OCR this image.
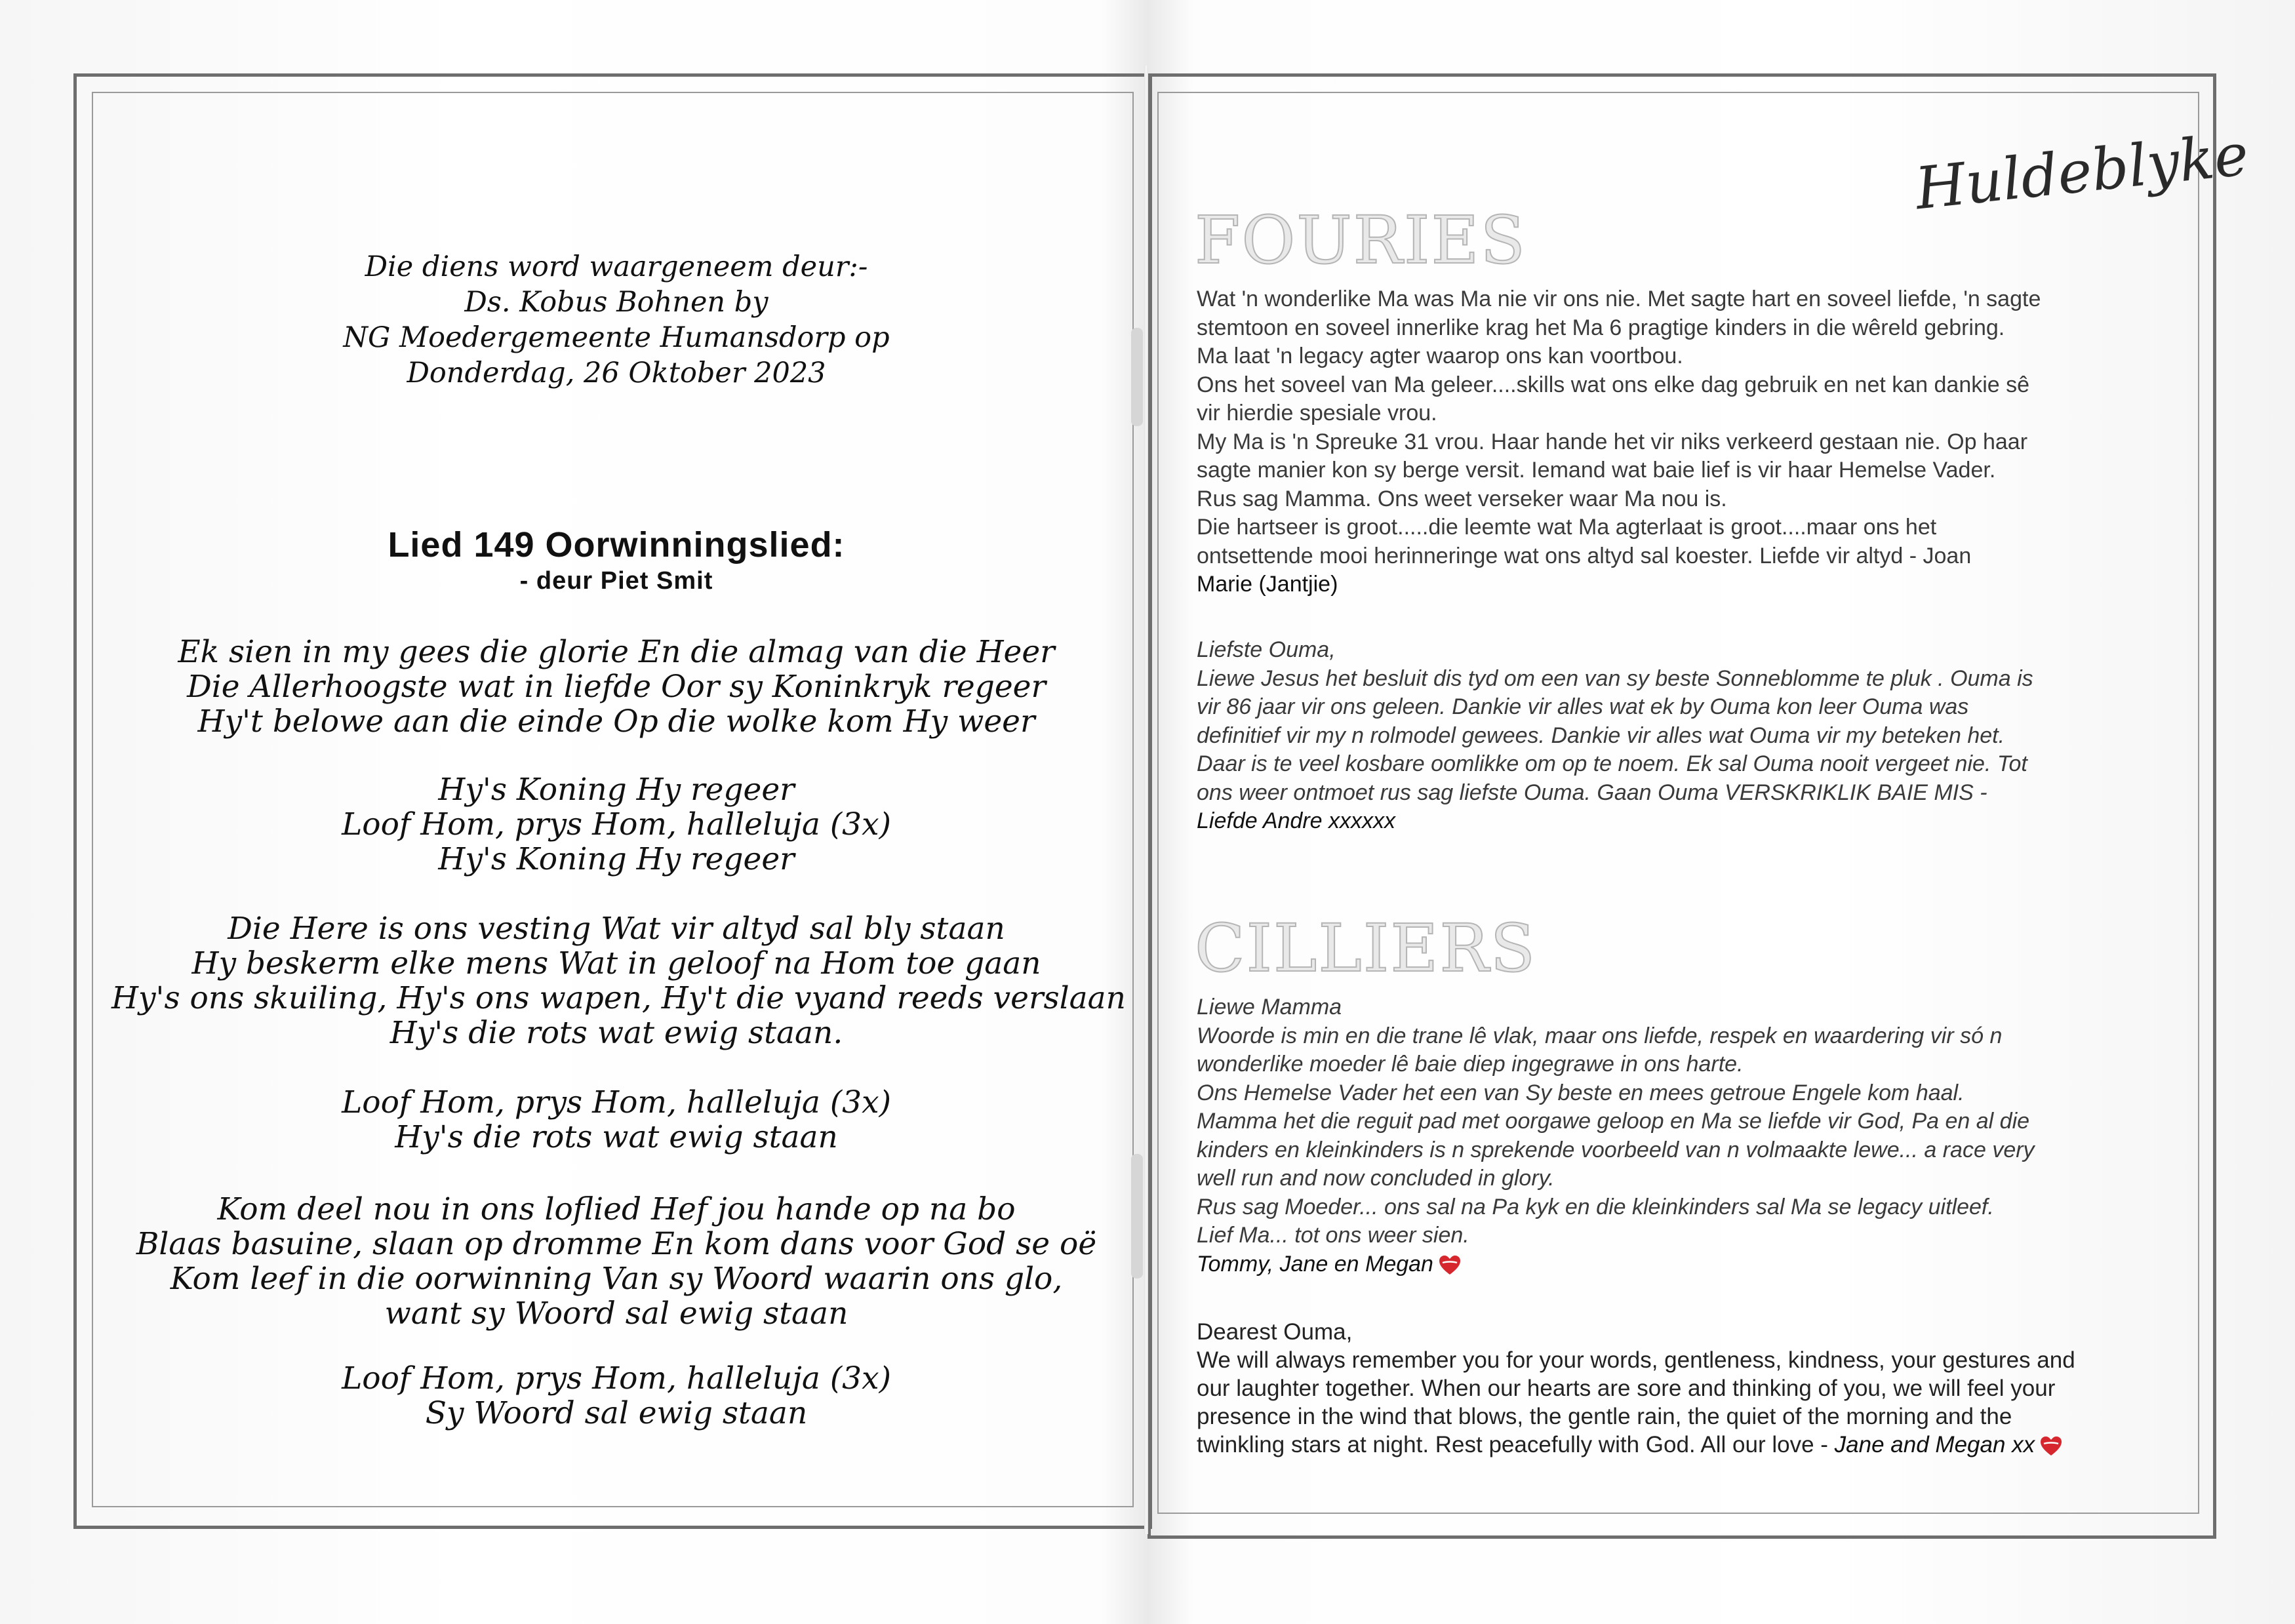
Die diens word waargeneem deur:-
Ds. Kobus Bohnen by
NG Moedergemeente Humansdorp op
Donderdag, 26 Oktober 2023
Lied 149 Oorwinningslied:
- deur Piet Smit
Ek sien in my gees die glorie En die almag van die Heer
Die Allerhoogste wat in liefde Oor sy Koninkryk regeer
Hy't belowe aan die einde Op die wolke kom Hy weer
Hy's Koning Hy regeer
Loof Hom, prys Hom, halleluja (3x)
Hy's Koning Hy regeer
Die Here is ons vesting Wat vir altyd sal bly staan
Hy beskerm elke mens Wat in geloof na Hom toe gaan
Hy's ons skuiling, Hy's ons wapen, Hy't die vyand reeds verslaan
Hy's die rots wat ewig staan.
Loof Hom, prys Hom, halleluja (3x)
Hy's die rots wat ewig staan
Kom deel nou in ons loflied Hef jou hande op na bo
Blaas basuine, slaan op dromme En kom dans voor God se oë
Kom leef in die oorwinning Van sy Woord waarin ons glo,
want sy Woord sal ewig staan
Loof Hom, prys Hom, halleluja (3x)
Sy Woord sal ewig staan
Huldeblyke
FOURIES
Wat 'n wonderlike Ma was Ma nie vir ons nie. Met sagte hart en soveel liefde, 'n sagte
stemtoon en soveel innerlike krag het Ma 6 pragtige kinders in die wêreld gebring.
Ma laat 'n legacy agter waarop ons kan voortbou.
Ons het soveel van Ma geleer....skills wat ons elke dag gebruik en net kan dankie sê
vir hierdie spesiale vrou.
My Ma is 'n Spreuke 31 vrou. Haar hande het vir niks verkeerd gestaan nie. Op haar
sagte manier kon sy berge versit. Iemand wat baie lief is vir haar Hemelse Vader.
Rus sag Mamma. Ons weet verseker waar Ma nou is.
Die hartseer is groot.....die leemte wat Ma agterlaat is groot....maar ons het
ontsettende mooi herinneringe wat ons altyd sal koester. Liefde vir altyd - Joan
Marie (Jantjie)
Liefste Ouma,
Liewe Jesus het besluit dis tyd om een van sy beste Sonneblomme te pluk . Ouma is
vir 86 jaar vir ons geleen. Dankie vir alles wat ek by Ouma kon leer Ouma was
definitief vir my n rolmodel gewees. Dankie vir alles wat Ouma vir my beteken het.
Daar is te veel kosbare oomlikke om op te noem. Ek sal Ouma nooit vergeet nie. Tot
ons weer ontmoet rus sag liefste Ouma. Gaan Ouma VERSKRIKLIK BAIE MIS -
Liefde Andre xxxxxx
CILLIERS
Liewe Mamma
Woorde is min en die trane lê vlak, maar ons liefde, respek en waardering vir só n
wonderlike moeder lê baie diep ingegrawe in ons harte.
Ons Hemelse Vader het een van Sy beste en mees getroue Engele kom haal.
Mamma het die reguit pad met oorgawe geloop en Ma se liefde vir God, Pa en al die
kinders en kleinkinders is n sprekende voorbeeld van n volmaakte lewe... a race very
well run and now concluded in glory.
Rus sag Moeder... ons sal na Pa kyk en die kleinkinders sal Ma se legacy uitleef.
Lief Ma... tot ons weer sien.
Tommy, Jane en Megan
Dearest Ouma,
We will always remember you for your words, gentleness, kindness, your gestures and
our laughter together. When our hearts are sore and thinking of you, we will feel your
presence in the wind that blows, the gentle rain, the quiet of the morning and the
twinkling stars at night. Rest peacefully with God. All our love - Jane and Megan xx
